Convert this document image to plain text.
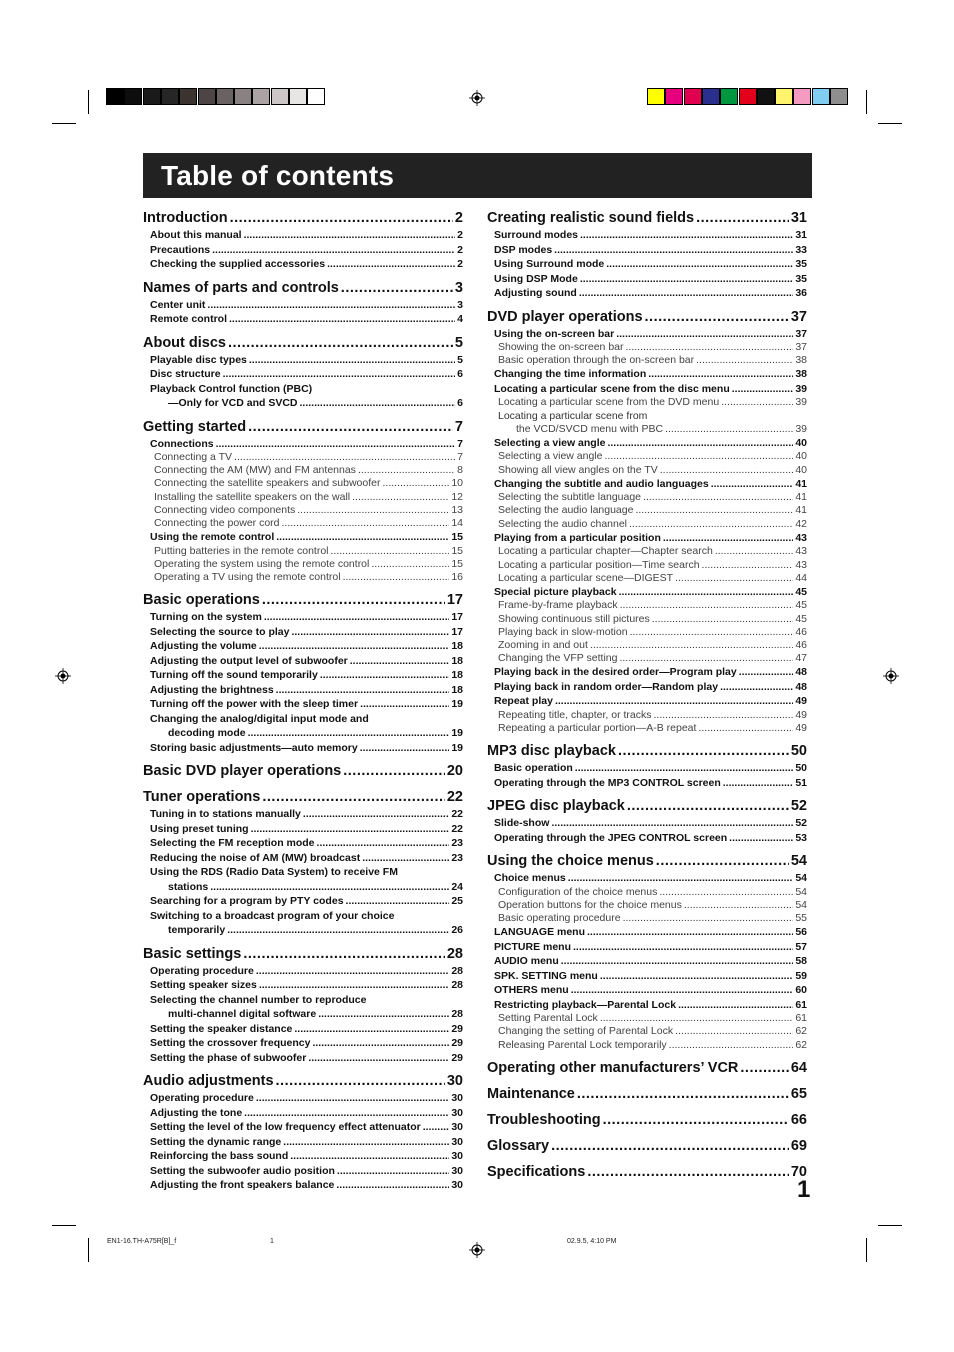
Table of contents
Introduction .....	2
About this manual .....	2
Precautions .....	2
Checking the supplied accessories .....	2
Names of parts and controls .....	3
Center unit .....	3
Remote control .....	4
About discs .....	5
Playable disc types .....	5
Disc structure .....	6
Playback Control function (PBC)
—Only for VCD and SVCD .....	6
Getting started .....	7
Connections .....	7
Connecting a TV .....	7
Connecting the AM (MW) and FM antennas .....	8
Connecting the satellite speakers and subwoofer .....	10
Installing the satellite speakers on the wall .....	12
Connecting video components .....	13
Connecting the power cord .....	14
Using the remote control .....	15
Putting batteries in the remote control .....	15
Operating the system using the remote control .....	15
Operating a TV using the remote control .....	16
Basic operations .....	17
Turning on the system .....	17
Selecting the source to play .....	17
Adjusting the volume .....	18
Adjusting the output level of subwoofer .....	18
Turning off the sound temporarily .....	18
Adjusting the brightness .....	18
Turning off the power with the sleep timer .....	19
Changing the analog/digital input mode and
decoding mode .....	19
Storing basic adjustments—auto memory .....	19
Basic DVD player operations .....	20
Tuner operations .....	22
Tuning in to stations manually .....	22
Using preset tuning .....	22
Selecting the FM reception mode .....	23
Reducing the noise of AM (MW) broadcast .....	23
Using the RDS (Radio Data System) to receive FM
stations .....	24
Searching for a program by PTY codes .....	25
Switching to a broadcast program of your choice
temporarily .....	26
Basic settings .....	28
Operating procedure .....	28
Setting speaker sizes .....	28
Selecting the channel number to reproduce
multi-channel digital software .....	28
Setting the speaker distance .....	29
Setting the crossover frequency .....	29
Setting the phase of subwoofer .....	29
Audio adjustments .....	30
Operating procedure .....	30
Adjusting the tone .....	30
Setting the level of the low frequency effect attenuator .....	30
Setting the dynamic range .....	30
Reinforcing the bass sound .....	30
Setting the subwoofer audio position .....	30
Adjusting the front speakers balance .....	30
Creating realistic sound fields .....	31
Surround modes .....	31
DSP modes .....	33
Using Surround mode .....	35
Using DSP Mode .....	35
Adjusting sound .....	36
DVD player operations .....	37
Using the on-screen bar .....	37
Showing the on-screen bar .....	37
Basic operation through the on-screen bar .....	38
Changing the time information .....	38
Locating a particular scene from the disc menu .....	39
Locating a particular scene from the DVD menu .....	39
Locating a particular scene from
the VCD/SVCD menu with PBC .....	39
Selecting a view angle .....	40
Selecting a view angle .....	40
Showing all view angles on the TV .....	40
Changing the subtitle and audio languages .....	41
Selecting the subtitle language .....	41
Selecting the audio language .....	41
Selecting the audio channel .....	42
Playing from a particular position .....	43
Locating a particular chapter—Chapter search .....	43
Locating a particular position—Time search .....	43
Locating a particular scene—DIGEST .....	44
Special picture playback .....	45
Frame-by-frame playback .....	45
Showing continuous still pictures .....	45
Playing back in slow-motion .....	46
Zooming in and out .....	46
Changing the VFP setting .....	47
Playing back in the desired order—Program play .....	48
Playing back in random order—Random play .....	48
Repeat play .....	49
Repeating title, chapter, or tracks .....	49
Repeating a particular portion—A-B repeat .....	49
MP3 disc playback .....	50
Basic operation .....	50
Operating through the MP3 CONTROL screen .....	51
JPEG disc playback .....	52
Slide-show .....	52
Operating through the JPEG CONTROL screen .....	53
Using the choice menus .....	54
Choice menus .....	54
Configuration of the choice menus .....	54
Operation buttons for the choice menus .....	54
Basic operating procedure .....	55
LANGUAGE menu .....	56
PICTURE menu .....	57
AUDIO menu .....	58
SPK. SETTING menu .....	59
OTHERS menu .....	60
Restricting playback—Parental Lock .....	61
Setting Parental Lock .....	61
Changing the setting of Parental Lock .....	62
Releasing Parental Lock temporarily .....	62
Operating other manufacturers’ VCR .....	64
Maintenance .....	65
Troubleshooting .....	66
Glossary .....	69
Specifications .....	70
1
EN1-16.TH-A75R[B]_f	1	02.9.5, 4:10 PM
